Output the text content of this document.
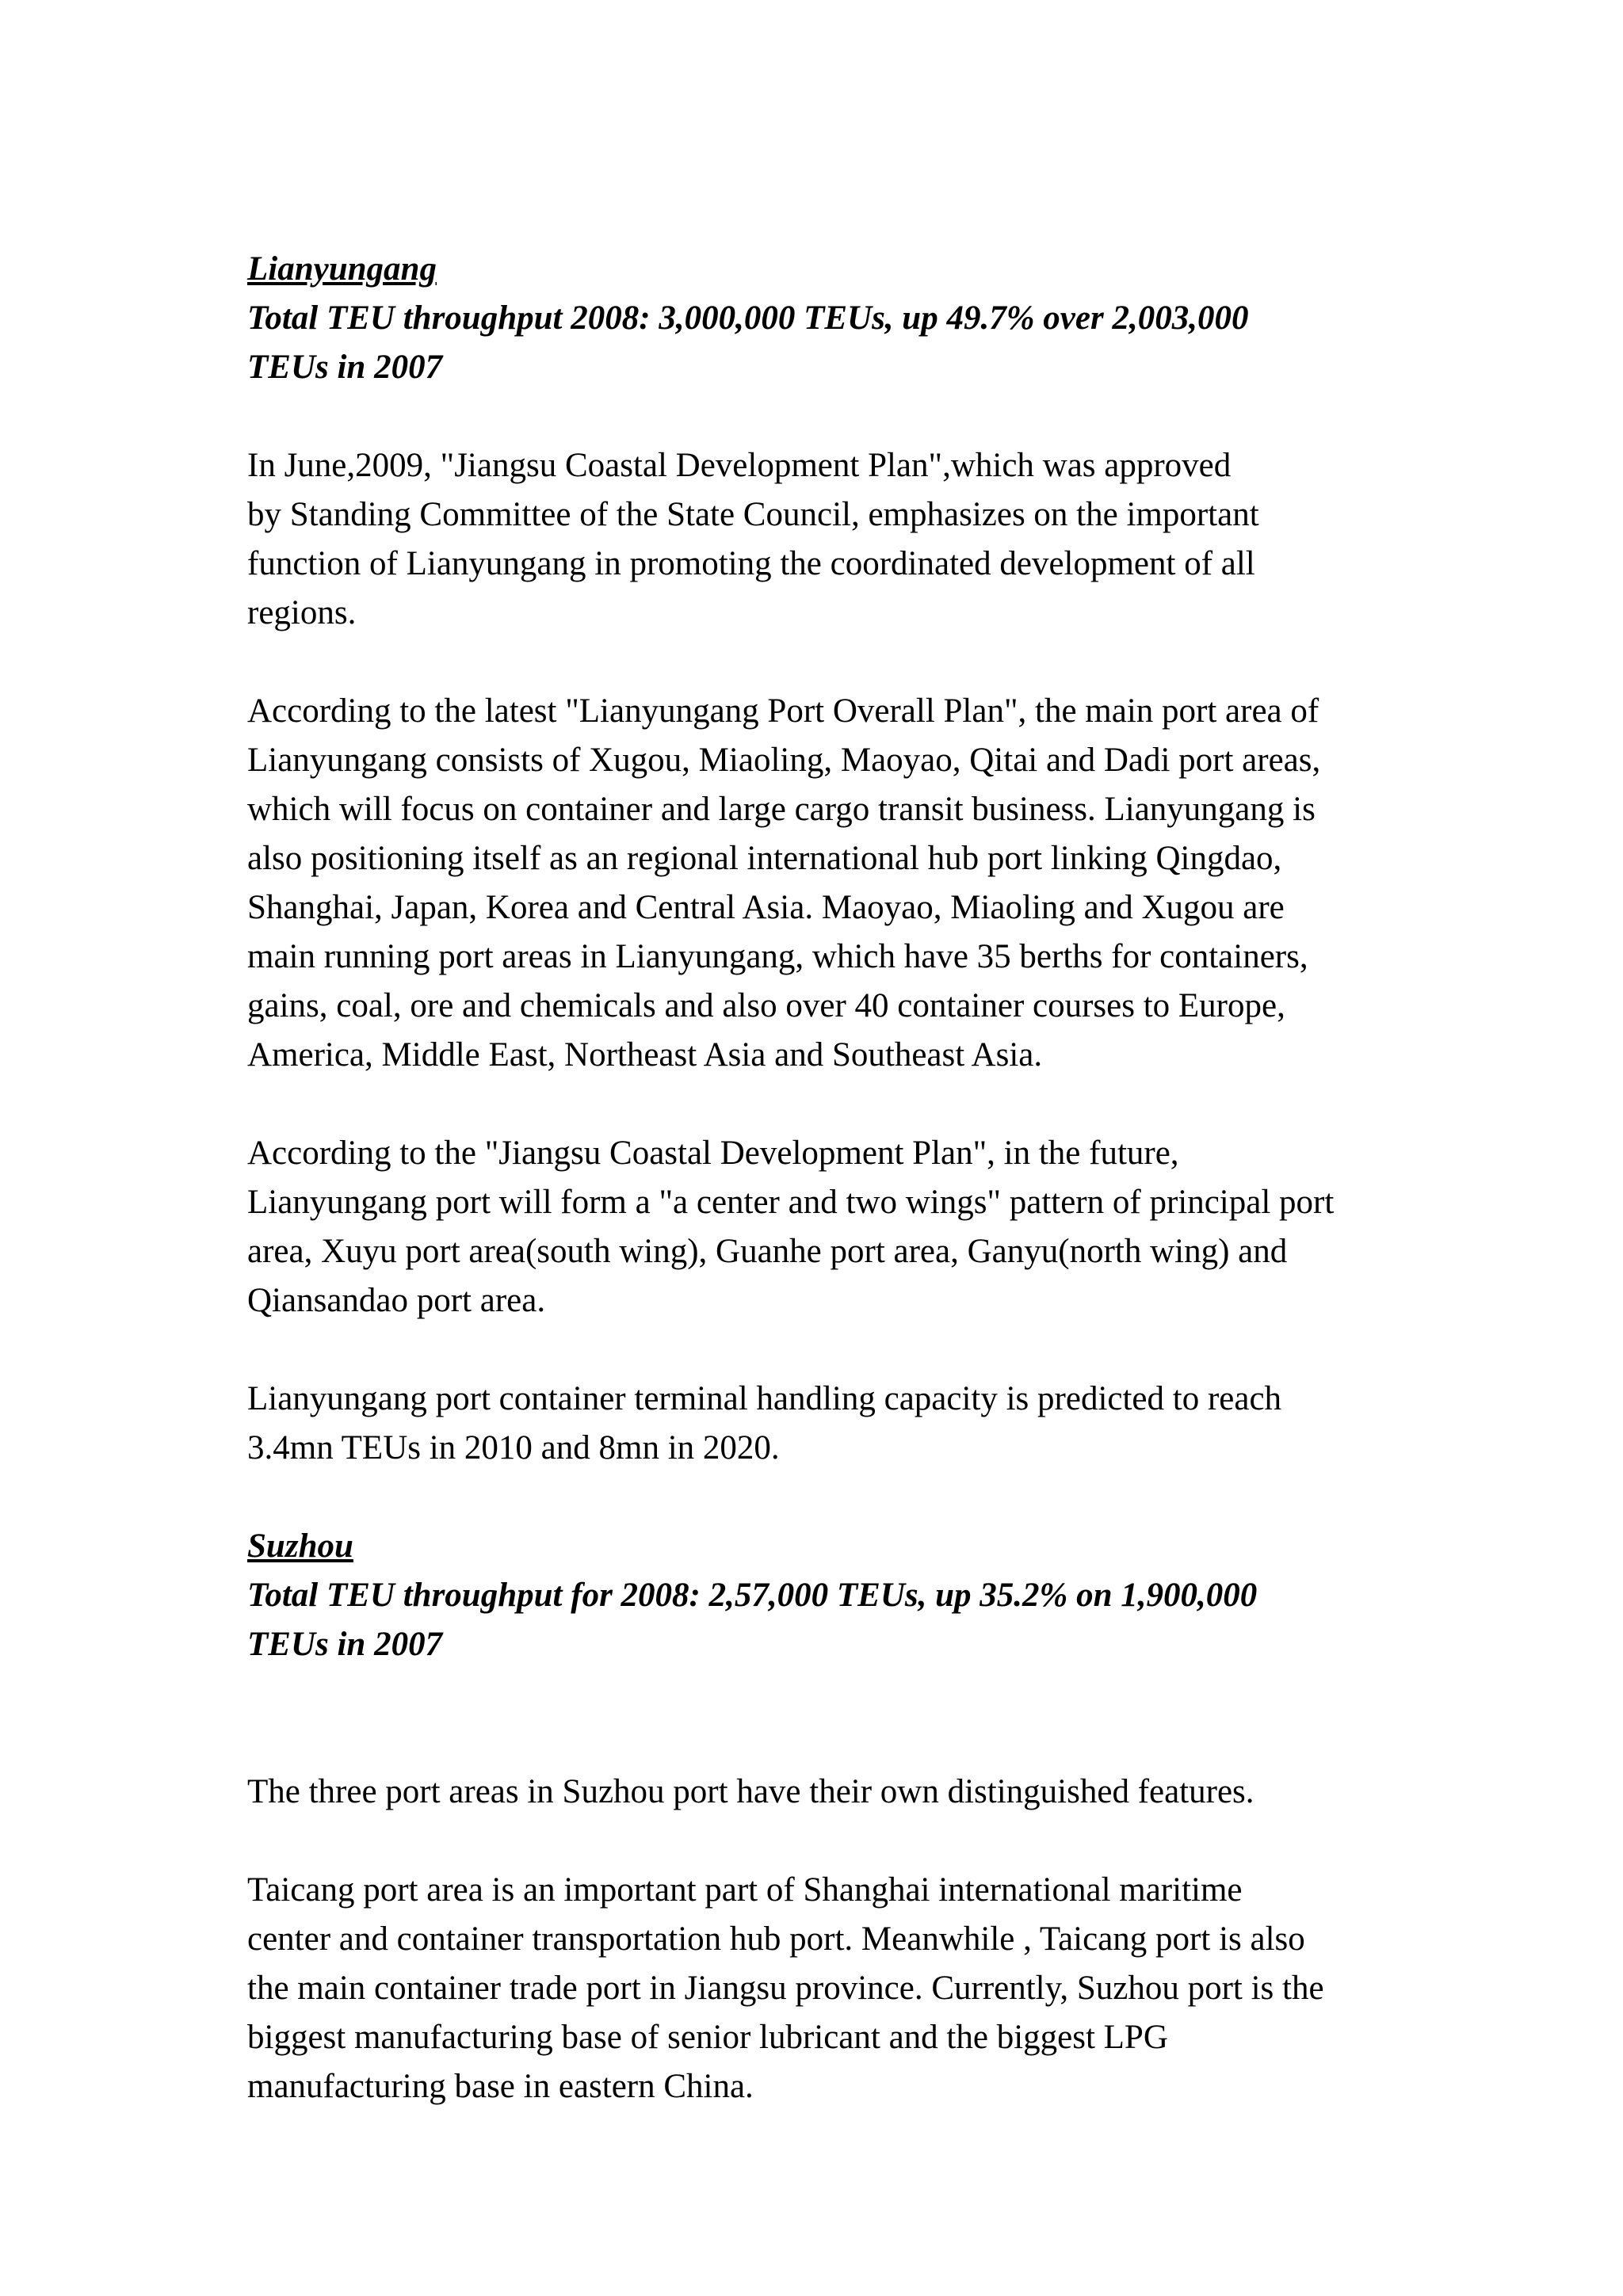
Lianyungang
Total TEU throughput 2008: 3,000,000 TEUs, up 49.7% over 2,003,000
TEUs in 2007
In June,2009, "Jiangsu Coastal Development Plan",which was approved
by Standing Committee of the State Council, emphasizes on the important
function of Lianyungang in promoting the coordinated development of all
regions.
According to the latest "Lianyungang Port Overall Plan", the main port area of
Lianyungang consists of Xugou, Miaoling, Maoyao, Qitai and Dadi port areas,
which will focus on container and large cargo transit business. Lianyungang is
also positioning itself as an regional international hub port linking Qingdao,
Shanghai, Japan, Korea and Central Asia. Maoyao, Miaoling and Xugou are
main running port areas in Lianyungang, which have 35 berths for containers,
gains, coal, ore and chemicals and also over 40 container courses to Europe,
America, Middle East, Northeast Asia and Southeast Asia.
According to the "Jiangsu Coastal Development Plan", in the future,
Lianyungang port will form a "a center and two wings" pattern of principal port
area, Xuyu port area(south wing), Guanhe port area, Ganyu(north wing) and
Qiansandao port area.
Lianyungang port container terminal handling capacity is predicted to reach
3.4mn TEUs in 2010 and 8mn in 2020.
Suzhou
Total TEU throughput for 2008: 2,57,000 TEUs, up 35.2% on 1,900,000
TEUs in 2007
The three port areas in Suzhou port have their own distinguished features.
Taicang port area is an important part of Shanghai international maritime
center and container transportation hub port. Meanwhile , Taicang port is also
the main container trade port in Jiangsu province. Currently, Suzhou port is the
biggest manufacturing base of senior lubricant and the biggest LPG
manufacturing base in eastern China.
